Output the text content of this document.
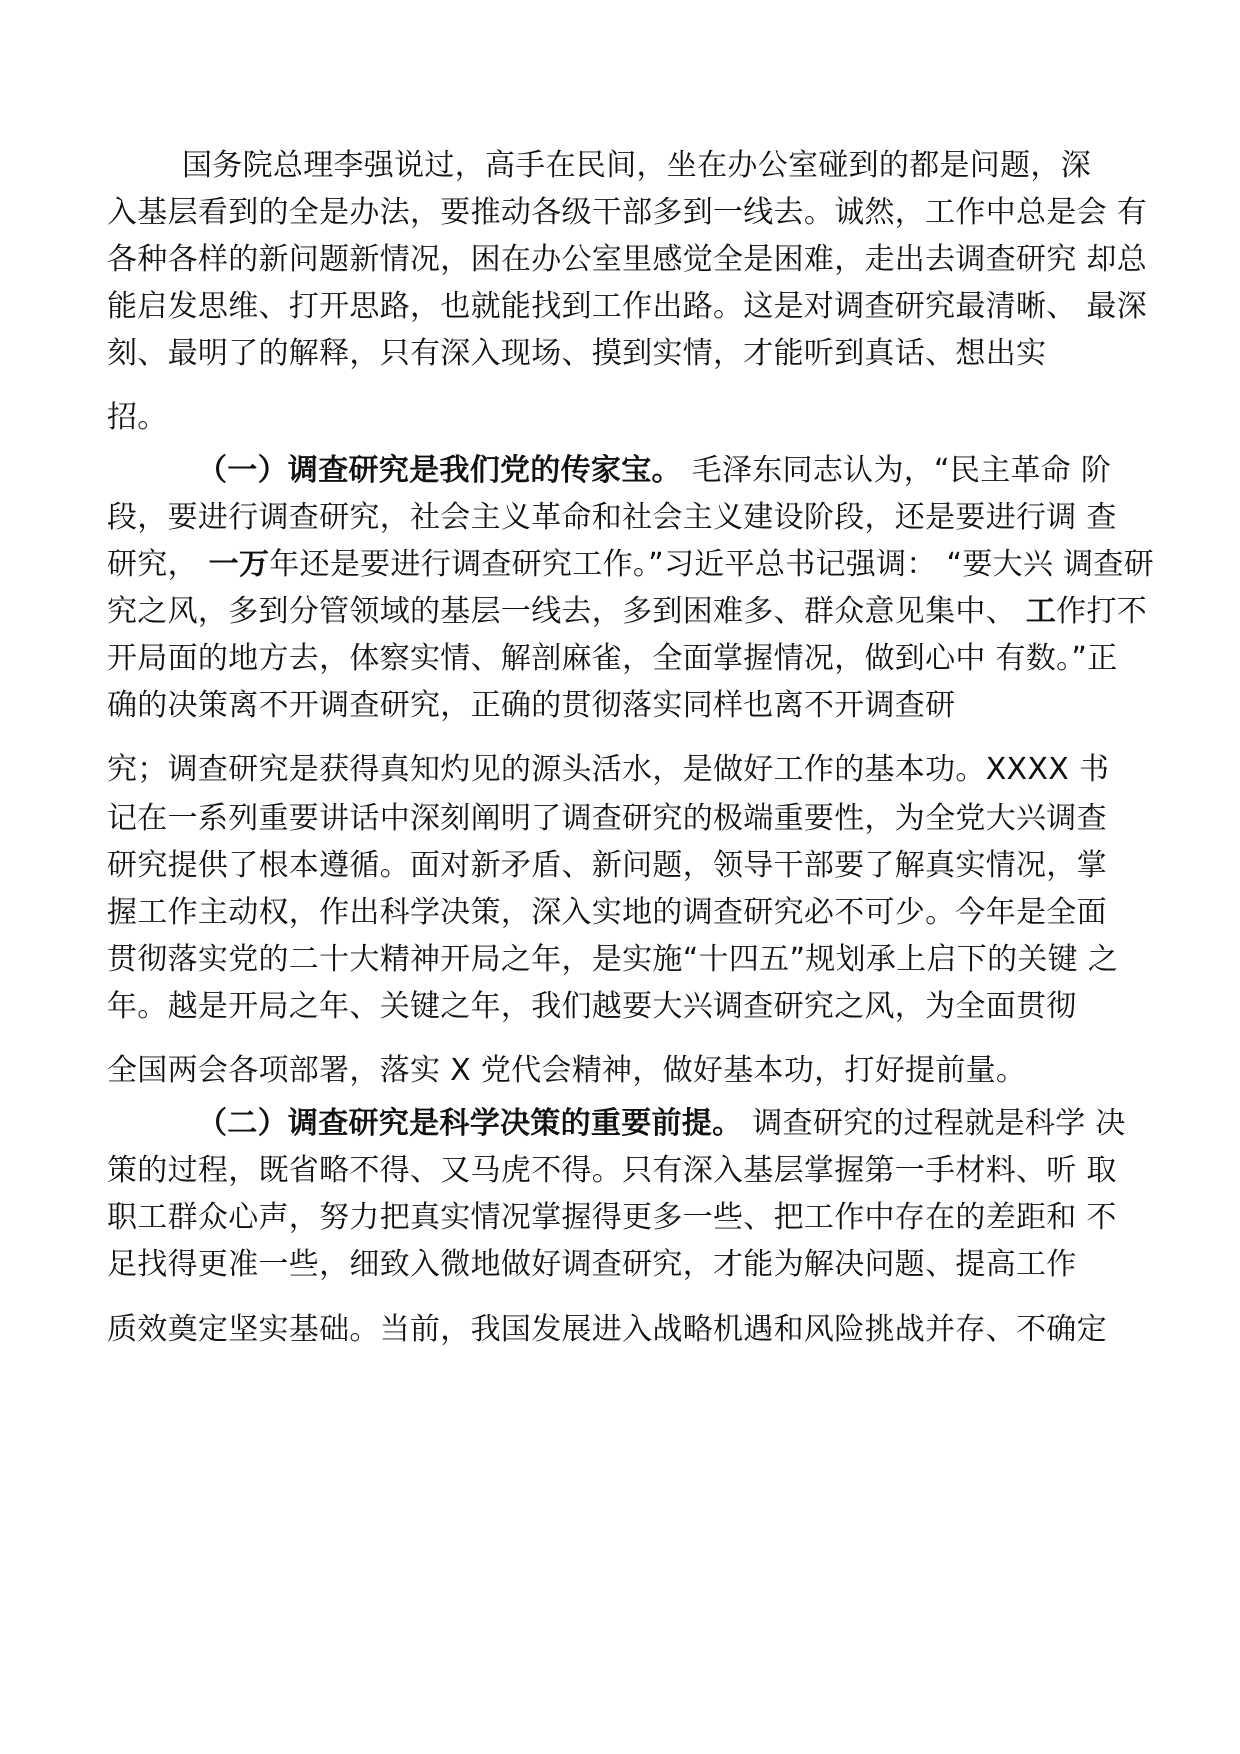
国务院总理李强说过，高手在民间，坐在办公室碰到的都是问题，深
入基层看到的全是办法，要推动各级干部多到一线去。诚然，工作中总是会 有
各种各样的新问题新情况，困在办公室里感觉全是困难，走出去调查研究 却总
能启发思维、打开思路，也就能找到工作出路。这是对调查研究最清晰、 最深
刻、最明了的解释，只有深入现场、摸到实情，才能听到真话、想出实
招。
（一）调查研究是我们党的传家宝。 毛泽东同志认为，“民主革命 阶
段，要进行调查研究，社会主义革命和社会主义建设阶段，还是要进行调 查
研究， 一万年还是要进行调查研究工作。”习近平总书记强调： “要大兴 调查研
究之风，多到分管领域的基层一线去，多到困难多、群众意见集中、 工作打不
开局面的地方去，体察实情、解剖麻雀，全面掌握情况，做到心中 有数。”正
确的决策离不开调查研究，正确的贯彻落实同样也离不开调查研
究；调查研究是获得真知灼见的源头活水，是做好工作的基本功。XXXX 书
记在一系列重要讲话中深刻阐明了调查研究的极端重要性，为全党大兴调查
研究提供了根本遵循。面对新矛盾、新问题，领导干部要了解真实情况，掌
握工作主动权，作出科学决策，深入实地的调查研究必不可少。今年是全面
贯彻落实党的二十大精神开局之年，是实施“十四五”规划承上启下的关键 之
年。越是开局之年、关键之年，我们越要大兴调查研究之风，为全面贯彻
全国两会各项部署，落实 X 党代会精神，做好基本功，打好提前量。
（二）调查研究是科学决策的重要前提。 调查研究的过程就是科学 决
策的过程，既省略不得、又马虎不得。只有深入基层掌握第一手材料、听 取
职工群众心声，努力把真实情况掌握得更多一些、把工作中存在的差距和 不
足找得更准一些，细致入微地做好调查研究，才能为解决问题、提高工作
质效奠定坚实基础。当前，我国发展进入战略机遇和风险挑战并存、不确定
